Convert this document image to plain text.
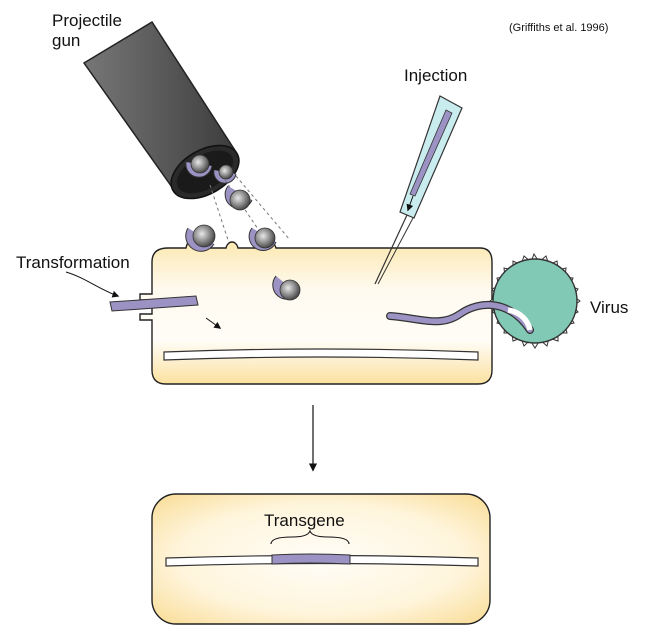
(Griffiths et al. 1996)
Projectile
gun
Injection
Virus
Transformation
Transgene
